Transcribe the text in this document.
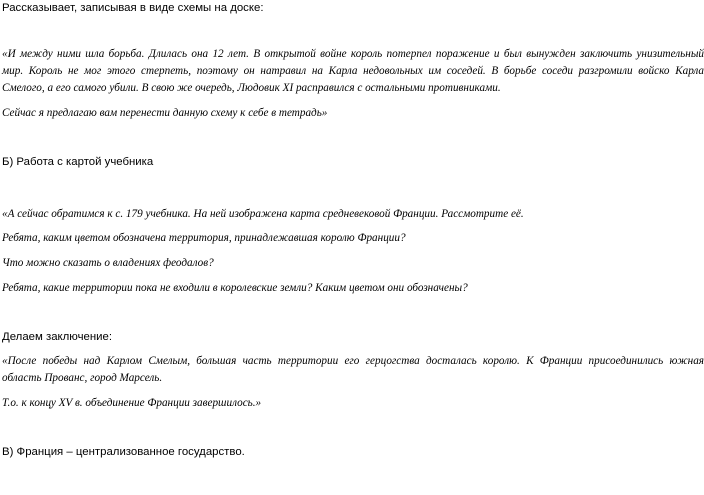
Рассказывает, записывая в виде схемы на доске:

«И между ними шла борьба. Длилась она 12 лет. В открытой войне король потерпел поражение и был вынужден заключить унизительный
мир. Король не мог этого стерпеть, поэтому он натравил на Карла недовольных им соседей. В борьбе соседи разгромили войско Карла
Смелого, а его самого убили. В свою же очередь, Людовик XI расправился с остальными противниками.

Сейчас я предлагаю вам перенести данную схему к себе в тетрадь»

Б) Работа с картой учебника

«А сейчас обратимся к с. 179 учебника. На ней изображена карта средневековой Франции. Рассмотрите её.

Ребята, каким цветом обозначена территория, принадлежавшая королю Франции?

Что можно сказать о владениях феодалов?

Ребята, какие территории пока не входили в королевские земли? Каким цветом они обозначены?

Делаем заключение:

«После победы над Карлом Смелым, большая часть территории его герцогства досталась королю. К Франции присоединились южная
область Прованс, город Марсель.

Т.о. к концу XV в. объединение Франции завершилось.»

В) Франция – централизованное государство.
